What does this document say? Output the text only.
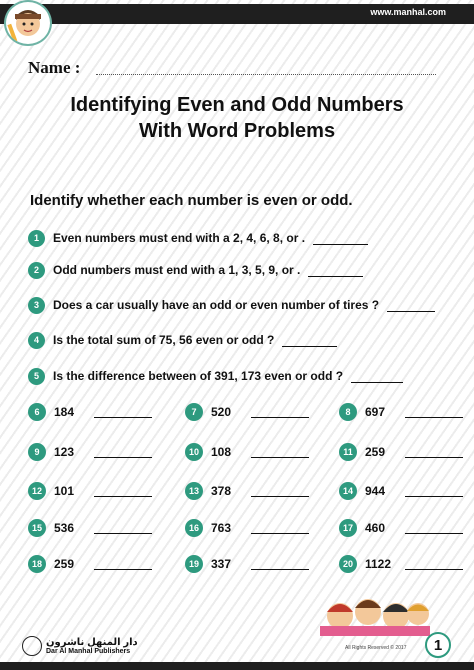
www.manhal.com
Name :
Identifying Even and Odd Numbers
With Word Problems
Identify whether each number is even or odd.
1	Even numbers must end with a 2, 4, 6, 8, or .
2	Odd numbers must end with a 1, 3, 5, 9, or .
3	Does a car usually have an odd or even number of tires ?
4	Is the total sum of 75, 56 even or odd ?
5	Is the difference between of 391, 173 even or odd ?
6	184	7	520	8	697
9	123	10	108	11	259
12	101	13	378	14	944
15	536	16	763	17	460
18	259	19	337	20	1122
دار المنهل ناشرون
Dar Al Manhal Publishers	All Rights Reserved © 2017	1
